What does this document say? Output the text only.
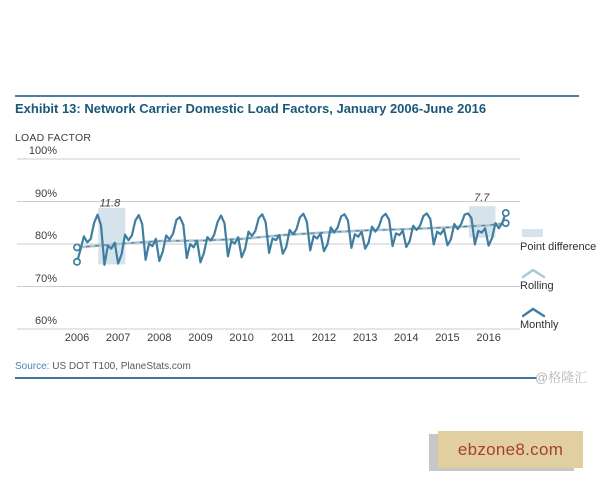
Exhibit 13: Network Carrier Domestic Load Factors, January 2006-June 2016
LOAD FACTOR
11.8	7.7
100%
90%
80%
70%
60%
2006	2007	2008	2009	2010	2011	2012	2013	2014	2015	2016
Point difference
Rolling
Monthly
Source: US DOT T100, PlaneStats.com
@格隆汇
ebzone8.com
